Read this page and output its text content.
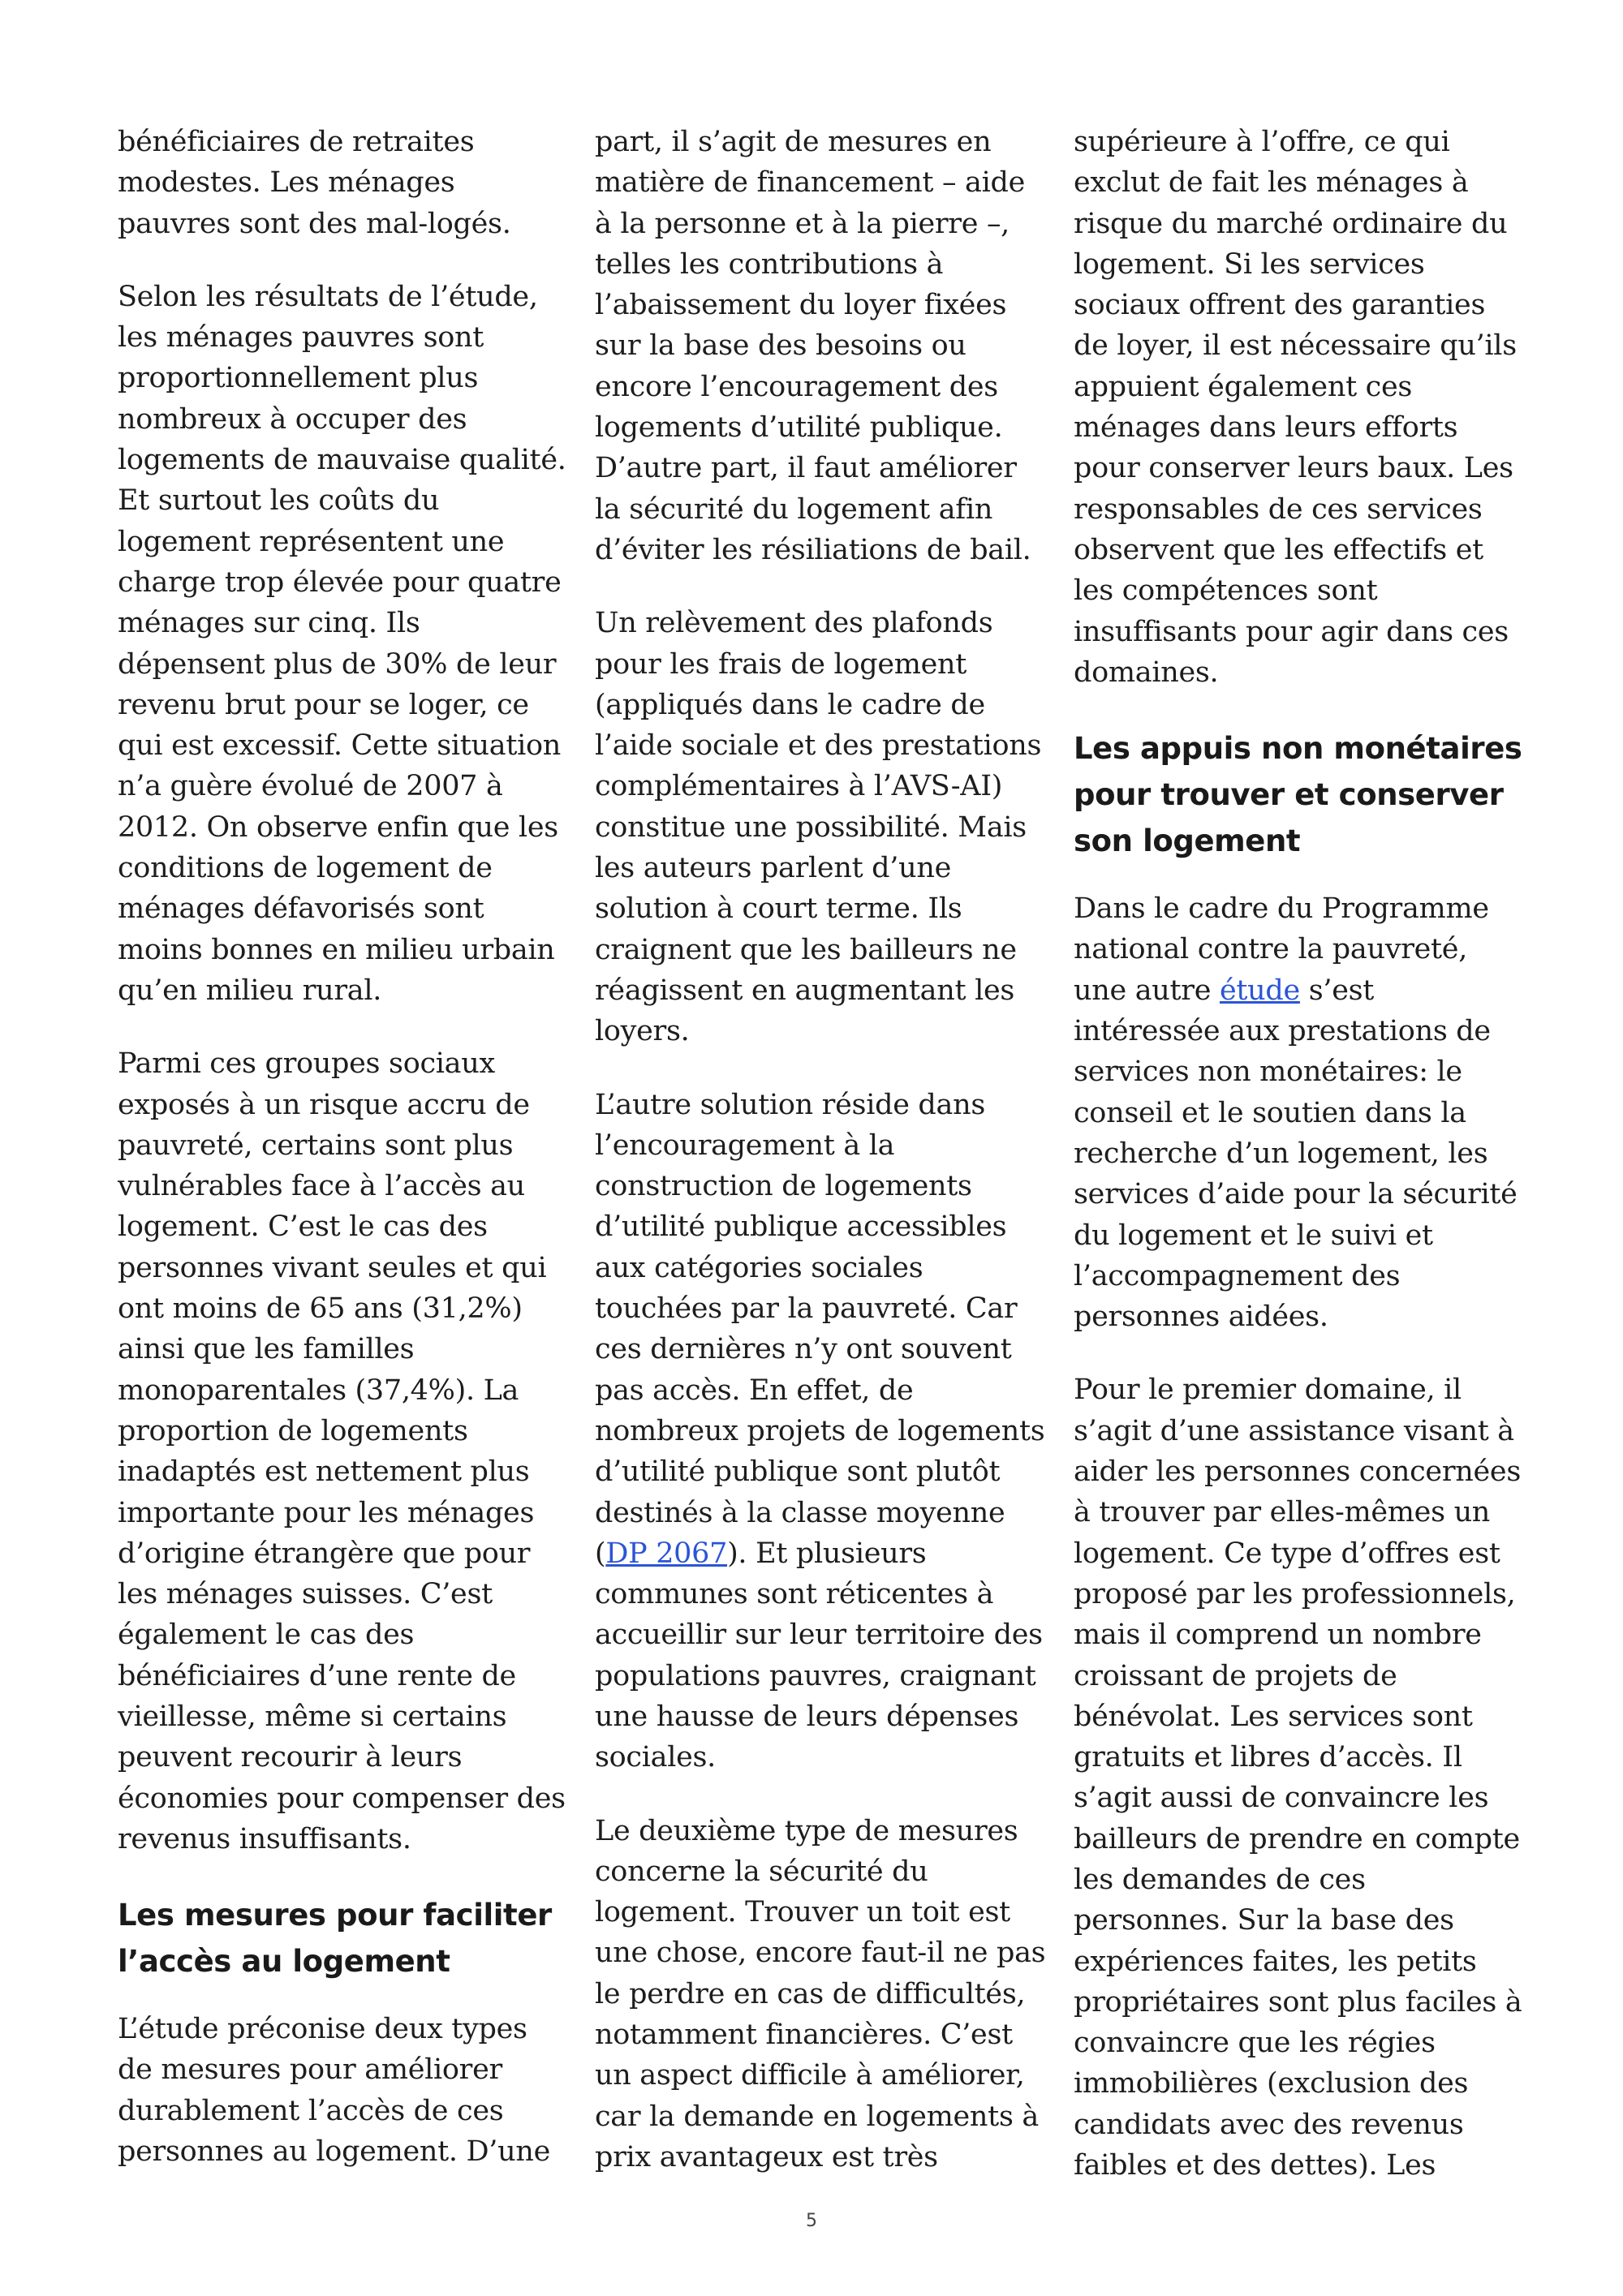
bénéficiaires de retraites
modestes. Les ménages
pauvres sont des mal-logés.
Selon les résultats de l’étude,
les ménages pauvres sont
proportionnellement plus
nombreux à occuper des
logements de mauvaise qualité.
Et surtout les coûts du
logement représentent une
charge trop élevée pour quatre
ménages sur cinq. Ils
dépensent plus de 30% de leur
revenu brut pour se loger, ce
qui est excessif. Cette situation
n’a guère évolué de 2007 à
2012. On observe enfin que les
conditions de logement de
ménages défavorisés sont
moins bonnes en milieu urbain
qu’en milieu rural.
Parmi ces groupes sociaux
exposés à un risque accru de
pauvreté, certains sont plus
vulnérables face à l’accès au
logement. C’est le cas des
personnes vivant seules et qui
ont moins de 65 ans (31,2%)
ainsi que les familles
monoparentales (37,4%). La
proportion de logements
inadaptés est nettement plus
importante pour les ménages
d’origine étrangère que pour
les ménages suisses. C’est
également le cas des
bénéficiaires d’une rente de
vieillesse, même si certains
peuvent recourir à leurs
économies pour compenser des
revenus insuffisants.
Les mesures pour faciliter
l’accès au logement
L’étude préconise deux types
de mesures pour améliorer
durablement l’accès de ces
personnes au logement. D’une
part, il s’agit de mesures en
matière de financement – aide
à la personne et à la pierre –,
telles les contributions à
l’abaissement du loyer fixées
sur la base des besoins ou
encore l’encouragement des
logements d’utilité publique.
D’autre part, il faut améliorer
la sécurité du logement afin
d’éviter les résiliations de bail.
Un relèvement des plafonds
pour les frais de logement
(appliqués dans le cadre de
l’aide sociale et des prestations
complémentaires à l’AVS-AI)
constitue une possibilité. Mais
les auteurs parlent d’une
solution à court terme. Ils
craignent que les bailleurs ne
réagissent en augmentant les
loyers.
L’autre solution réside dans
l’encouragement à la
construction de logements
d’utilité publique accessibles
aux catégories sociales
touchées par la pauvreté. Car
ces dernières n’y ont souvent
pas accès. En effet, de
nombreux projets de logements
d’utilité publique sont plutôt
destinés à la classe moyenne
(DP 2067). Et plusieurs
communes sont réticentes à
accueillir sur leur territoire des
populations pauvres, craignant
une hausse de leurs dépenses
sociales.
Le deuxième type de mesures
concerne la sécurité du
logement. Trouver un toit est
une chose, encore faut-il ne pas
le perdre en cas de difficultés,
notamment financières. C’est
un aspect difficile à améliorer,
car la demande en logements à
prix avantageux est très
supérieure à l’offre, ce qui
exclut de fait les ménages à
risque du marché ordinaire du
logement. Si les services
sociaux offrent des garanties
de loyer, il est nécessaire qu’ils
appuient également ces
ménages dans leurs efforts
pour conserver leurs baux. Les
responsables de ces services
observent que les effectifs et
les compétences sont
insuffisants pour agir dans ces
domaines.
Les appuis non monétaires
pour trouver et conserver
son logement
Dans le cadre du Programme
national contre la pauvreté,
une autre étude s’est
intéressée aux prestations de
services non monétaires: le
conseil et le soutien dans la
recherche d’un logement, les
services d’aide pour la sécurité
du logement et le suivi et
l’accompagnement des
personnes aidées.
Pour le premier domaine, il
s’agit d’une assistance visant à
aider les personnes concernées
à trouver par elles-mêmes un
logement. Ce type d’offres est
proposé par les professionnels,
mais il comprend un nombre
croissant de projets de
bénévolat. Les services sont
gratuits et libres d’accès. Il
s’agit aussi de convaincre les
bailleurs de prendre en compte
les demandes de ces
personnes. Sur la base des
expériences faites, les petits
propriétaires sont plus faciles à
convaincre que les régies
immobilières (exclusion des
candidats avec des revenus
faibles et des dettes). Les
5
